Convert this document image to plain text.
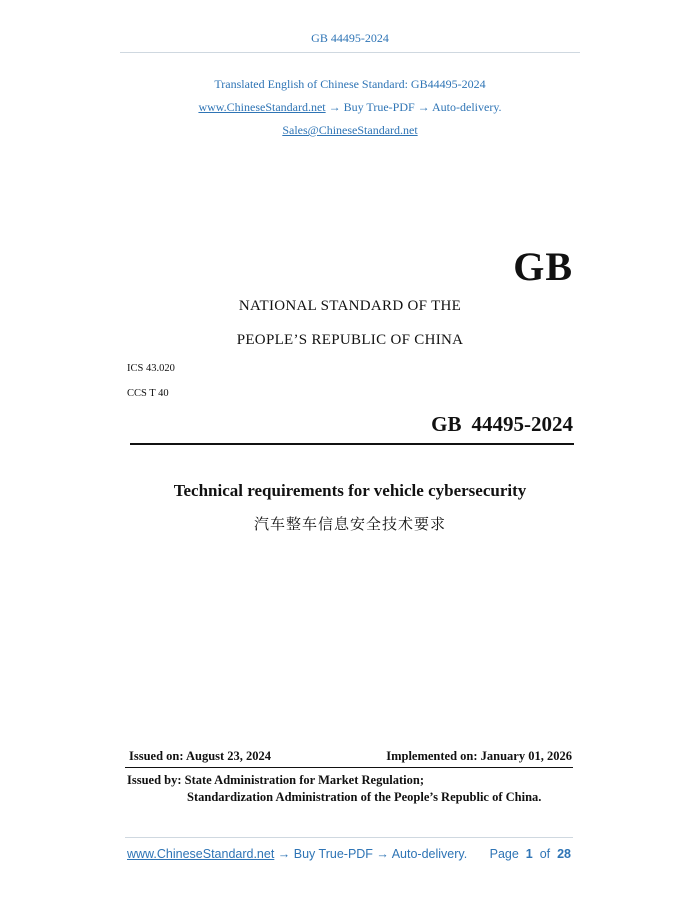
GB 44495-2024
Translated English of Chinese Standard: GB44495-2024
www.ChineseStandard.net → Buy True-PDF → Auto-delivery.
Sales@ChineseStandard.net
GB
NATIONAL STANDARD OF THE
PEOPLE’S REPUBLIC OF CHINA
ICS 43.020
CCS T 40
GB 44495-2024
Technical requirements for vehicle cybersecurity
汽车整车信息安全技术要求
Issued on: August 23, 2024	Implemented on: January 01, 2026
Issued by: State Administration for Market Regulation;
Standardization Administration of the People’s Republic of China.
www.ChineseStandard.net → Buy True-PDF → Auto-delivery. Page 1 of 28
